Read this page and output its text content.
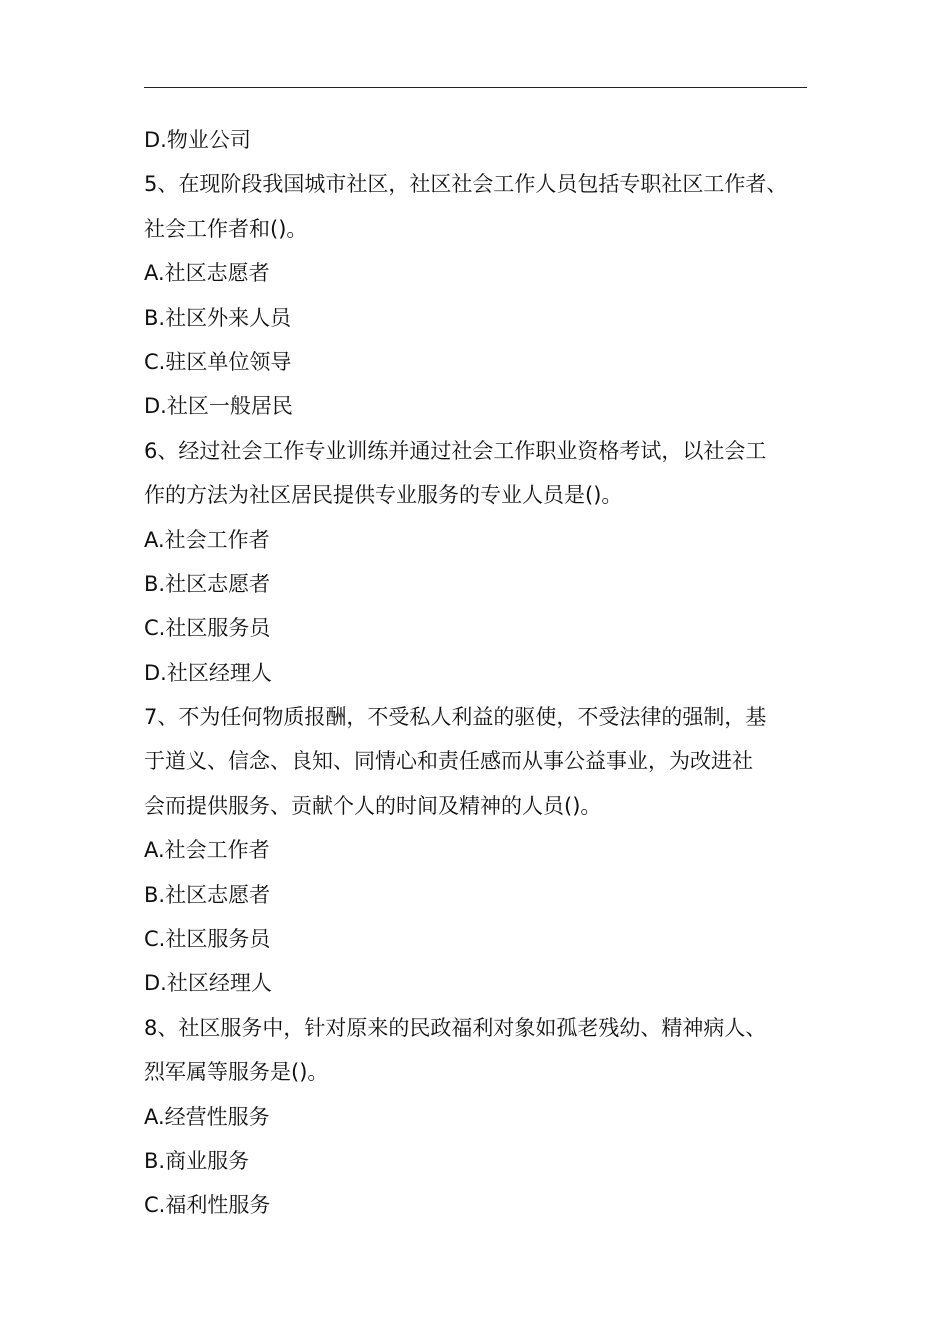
D.物业公司
5、在现阶段我国城市社区，社区社会工作人员包括专职社区工作者、
社会工作者和()。
A.社区志愿者
B.社区外来人员
C.驻区单位领导
D.社区一般居民
6、经过社会工作专业训练并通过社会工作职业资格考试，以社会工
作的方法为社区居民提供专业服务的专业人员是()。
A.社会工作者
B.社区志愿者
C.社区服务员
D.社区经理人
7、不为任何物质报酬，不受私人利益的驱使，不受法律的强制，基
于道义、信念、良知、同情心和责任感而从事公益事业，为改进社
会而提供服务、贡献个人的时间及精神的人员()。
A.社会工作者
B.社区志愿者
C.社区服务员
D.社区经理人
8、社区服务中，针对原来的民政福利对象如孤老残幼、精神病人、
烈军属等服务是()。
A.经营性服务
B.商业服务
C.福利性服务
